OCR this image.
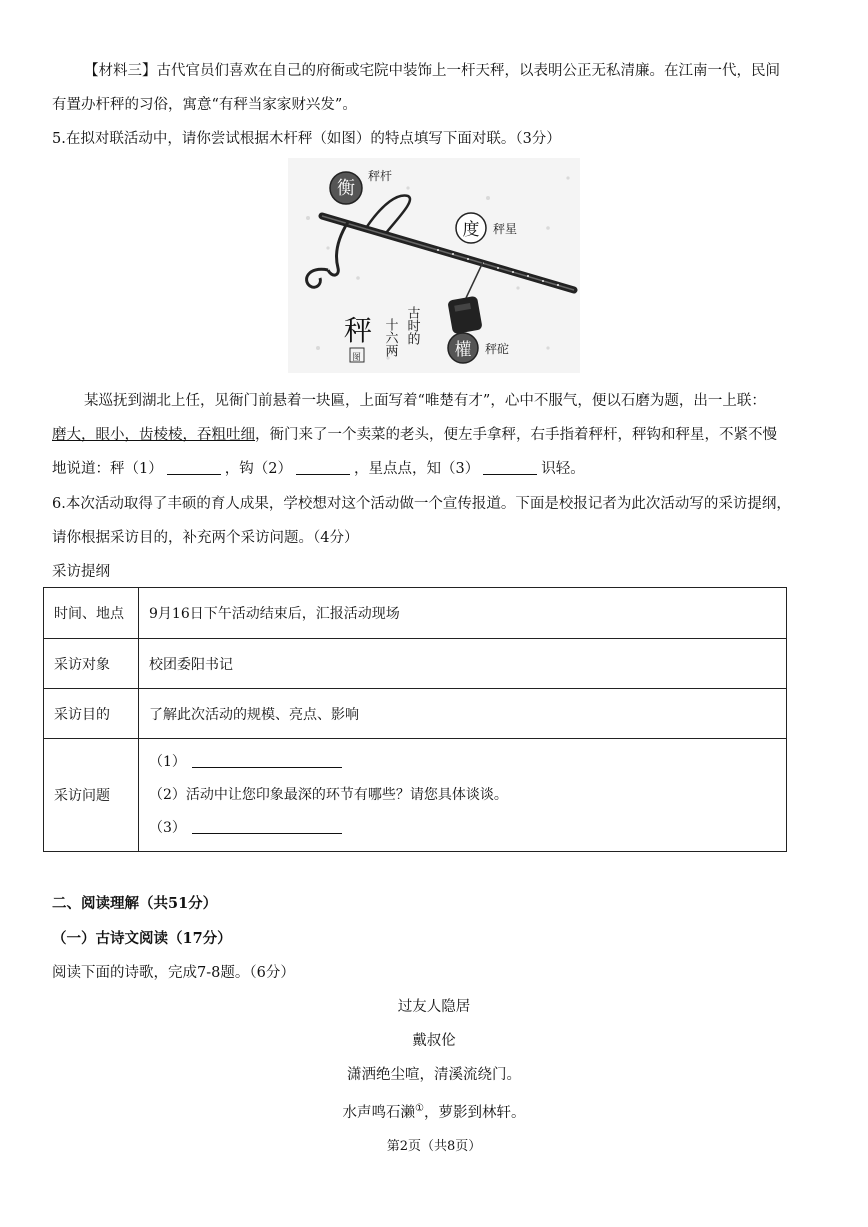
【材料三】古代官员们喜欢在自己的府衙或宅院中装饰上一杆天秤，以表明公正无私清廉。在江南一代，民间
有置办杆秤的习俗，寓意“有秤当家家财兴发”。
5.在拟对联活动中，请你尝试根据木杆秤（如图）的特点填写下面对联。（3分）
衡
秤杆
度 秤星
權 秤砣
秤
图
十六两 古时的
某巡抚到湖北上任，见衙门前悬着一块匾，上面写着“唯楚有才”，心中不服气，便以石磨为题，出一上联：
磨大，眼小，齿棱棱，吞粗吐细，衙门来了一个卖菜的老头，便左手拿秤，右手指着秤杆，秤钩和秤星，不紧不慢
地说道：秤（1）	，钩（2）	，星点点，知（3）	识轻。
6.本次活动取得了丰硕的育人成果，学校想对这个活动做一个宣传报道。下面是校报记者为此次活动写的采访提纲，
请你根据采访目的，补充两个采访问题。（4分）
采访提纲
时间、地点	9月16日下午活动结束后，汇报活动现场
采访对象	校团委阳书记
采访目的	了解此次活动的规模、亮点、影响
采访问题	（1）
（2）活动中让您印象最深的环节有哪些？请您具体谈谈。
（3）
二、阅读理解（共51分）
（一）古诗文阅读（17分）
阅读下面的诗歌，完成7-8题。（6分）
过友人隐居
戴叔伦
潇洒绝尘喧，清溪流绕门。
水声鸣石濑①，萝影到林轩。
第2页（共8页）
